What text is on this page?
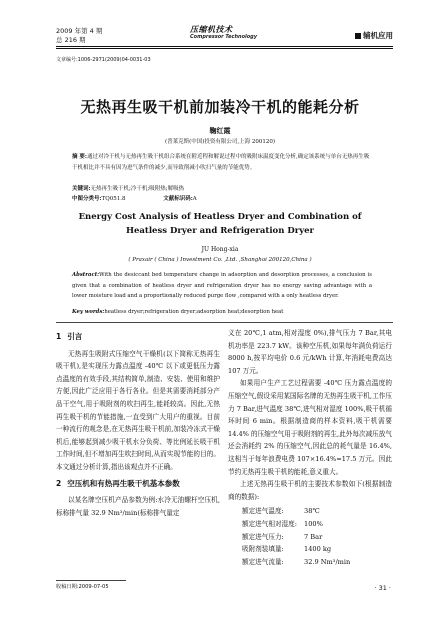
2009 年第 4 期
总 216 期
压缩机技术
Compressor Technology	辅机应用
文章编号:1006-2971(2009)04-0031-03
无热再生吸干机前加装冷干机的能耗分析
鞠红霞
(普莱克斯(中国)投资有限公司,上海 200120)
摘 要:通过对冷干机与无热再生吸干机组合系统在附近程和解说过程中的吸附床温度变化分析,确定该系统与单台无热再生吸干机相比并不具有因为进气条件的减少,而导致削减小吹扫气量的节能优势。
关键词:无热再生吸干机;冷干机;吸附热;解吸热
中图分类号:TQ051.8	文献标识码:A
Energy Cost Analysis of Heatless Dryer and Combination of
Heatless Dryer and Refrigeration Dryer
JU Hong-xia
( Praxair ( China ) Investment Co. ,Ltd. ,Shanghai 200120,China )
Abstract:With the desiccant bed temperature change in adsorption and desorption processes, a conclusion is given that a combination of heatless dryer and refrigeration dryer has no energy saving advantage with a lower moisture load and a proportionally reduced purge flow ,compared with a only heatless dryer.
Key words:heatless dryer;refrigeration dryer;adsorption heat;desorption heat
1 引言

无热再生吸附式压缩空气干燥机(以下简称无热再生吸干机),是实现压力露点温度 -40℃ 以下或更低压力露点温度的有效手段,其结构简单,制造、安装、使用和维护方便,因此广泛应用于各行各业。但是其需要消耗部分产品干空气,用于吸附剂的吹扫再生,能耗较高。因此,无热再生吸干机的节能措施,一直受到广大用户的重视。目前一种流行的观念是,在无热再生吸干机前,加装冷冻式干燥机后,能够起到减少吸干机水分负荷、等比例延长吸干机工作时间,但不增加再生吹扫时间,从而实现节能的目的。本文通过分析计算,指出该观点并不正确。

2 空压机和有热再生吸干机基本参数

以某名牌空压机产品参数为例:水冷无油螺杆空压机,标称排气量 32.9 Nm³/min(标称排气量定

义在 20℃,1 atm,相对湿度 0%),排气压力 7 Bar,其电机功率是 223.7 kW。该种空压机,如果每年满负荷运行 8000 h,按平均电价 0.6 元/kWh 计算,年消耗电费高达 107 万元。

如果用户生产工艺过程需要 -40℃ 压力露点温度的压缩空气,假设采用某国际名牌的无热再生吸干机,工作压力 7 Bar,进气温度 38℃,进气相对湿度 100%,吸干机循环时间 6 min。根据制造商的样本资料,吸干机需要 14.4% 的压缩空气用于吸附剂的再生,此外每次减压放气还会消耗约 2% 的压缩空气,因此总的耗气量是 16.4%,这相当于每年浪费电费 107×16.4%=17.5 万元。因此节约无热再生吸干机的能耗,意义重大。

上述无热再生吸干机的主要技术参数如下(根据制造商的数据):

额定进气温度:	38℃
额定进气相对湿度:	100%
额定进气压力:	7 Bar
吸附剂装填量:	1400 kg
额定进气流量:	32.9 Nm³/min
收稿日期:2009-07-05	· 31 ·
